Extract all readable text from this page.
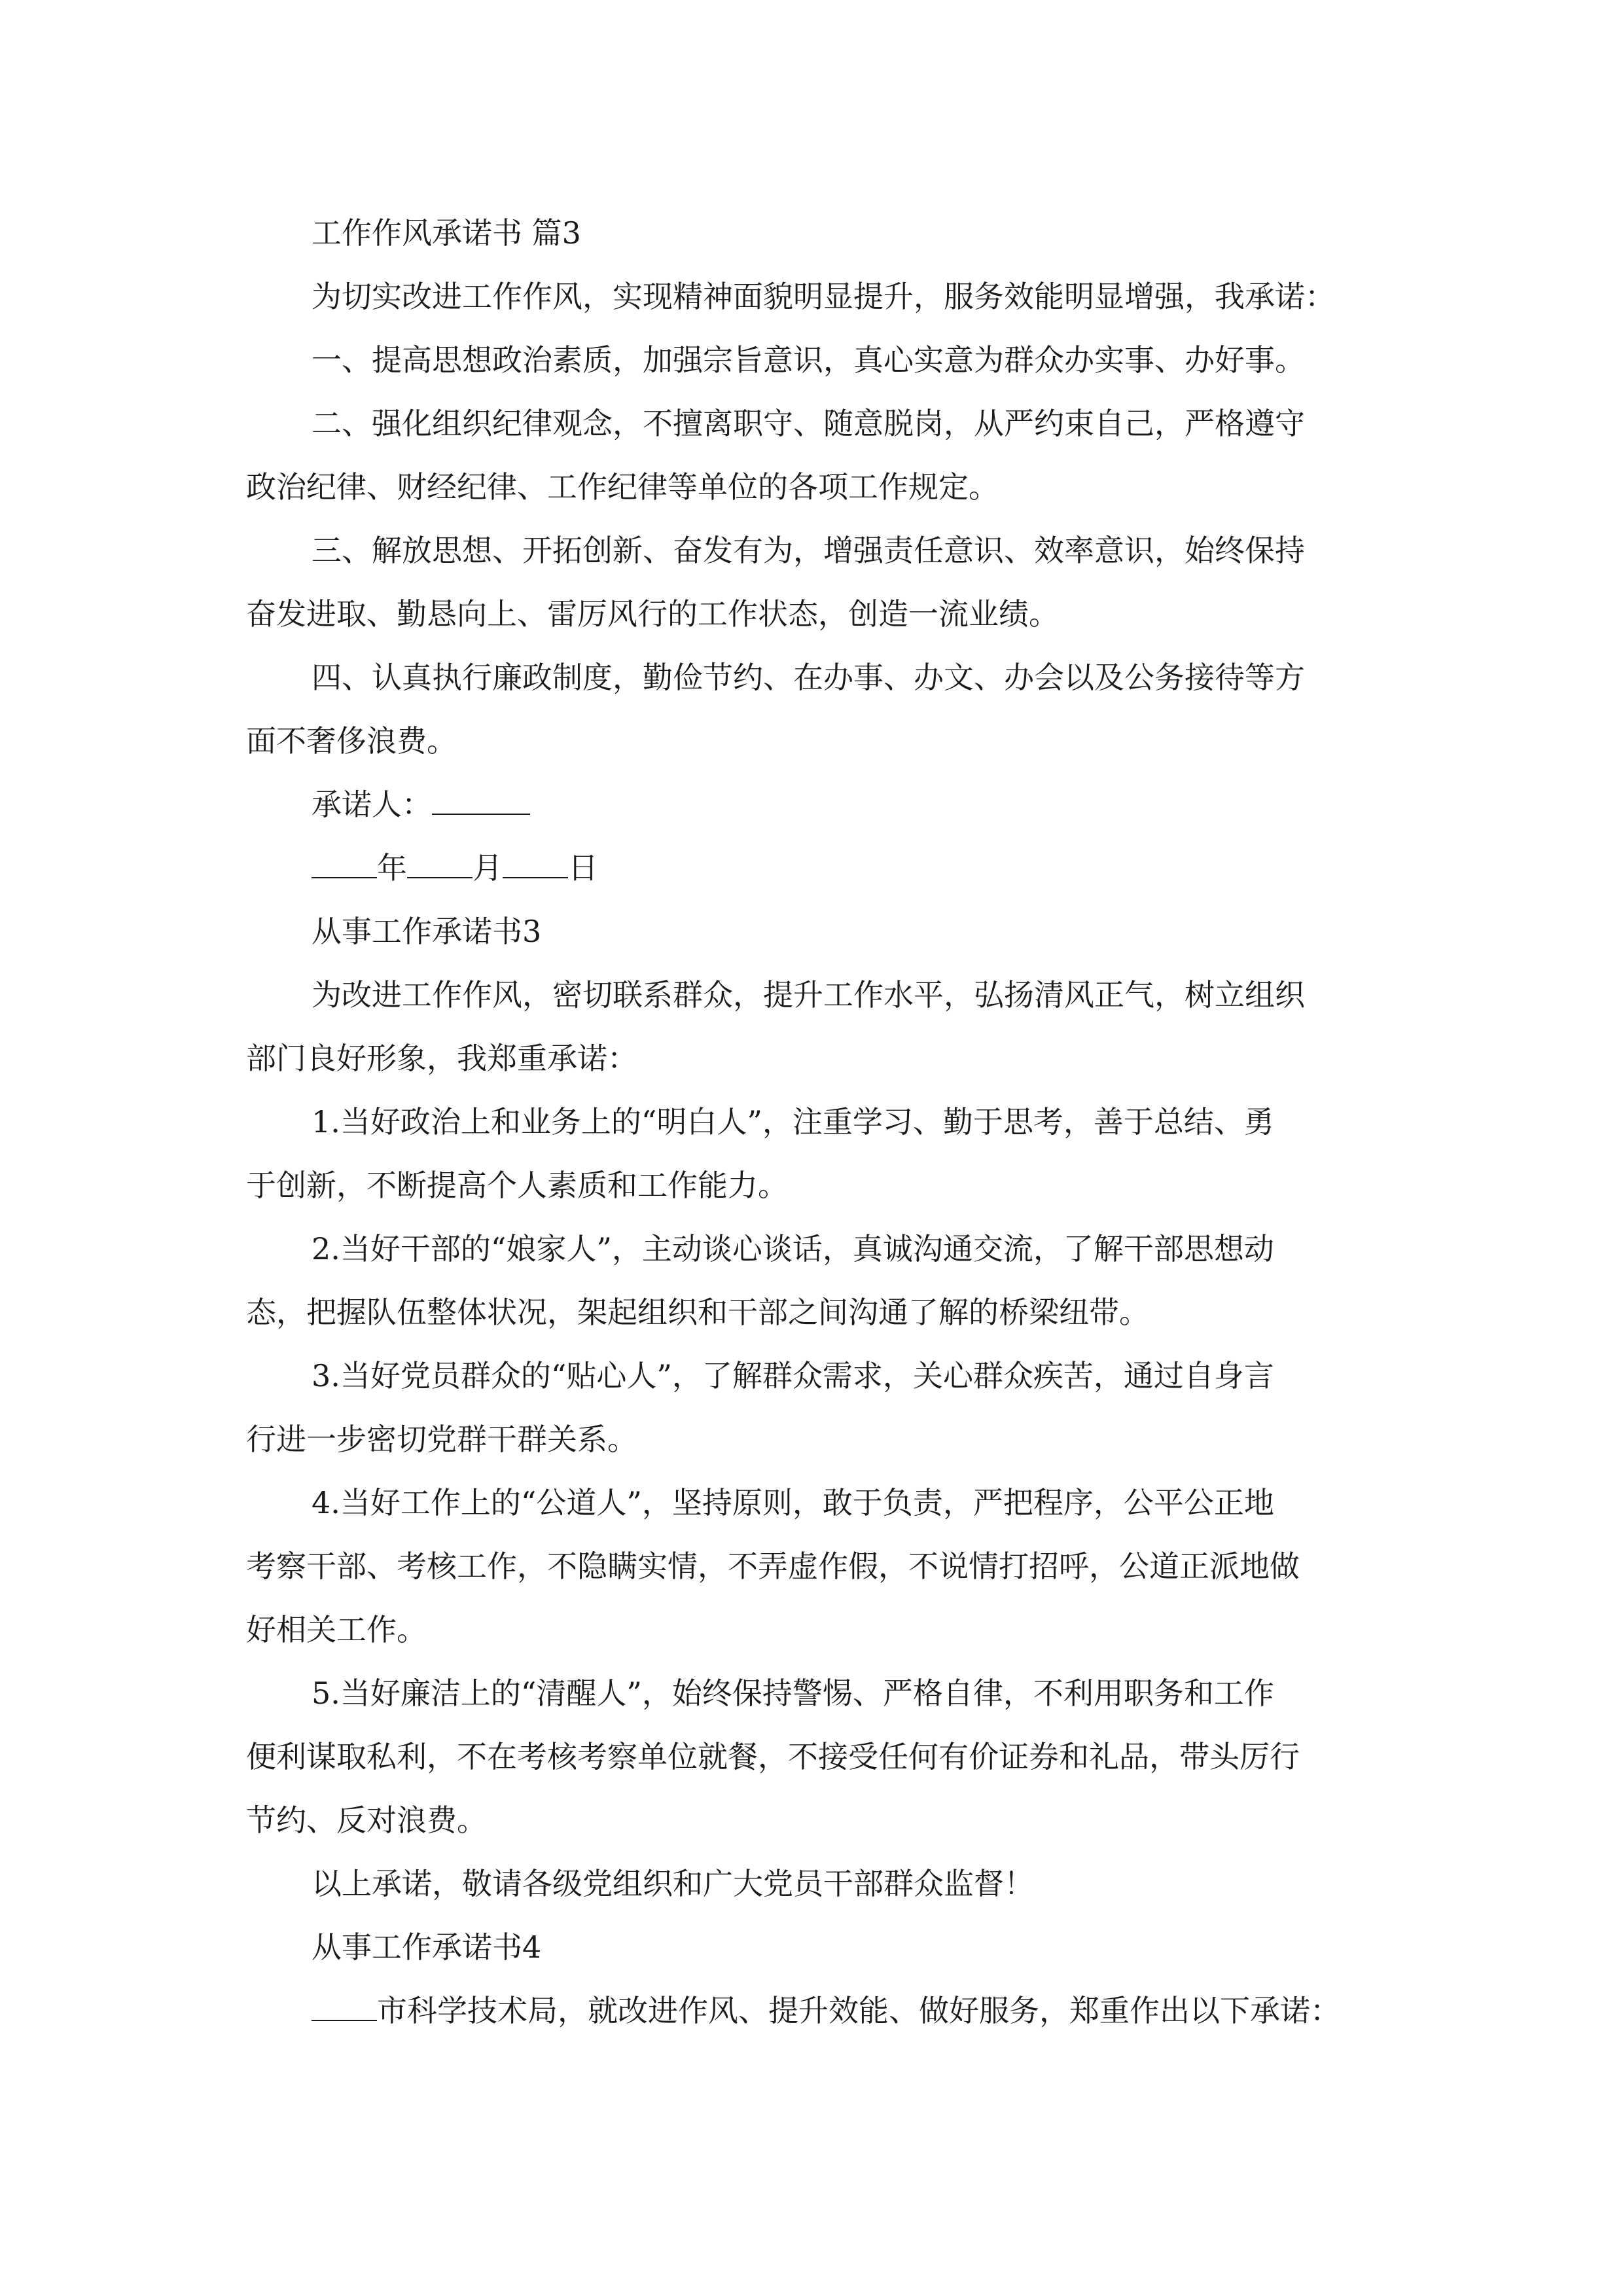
工作作风承诺书 篇3
为切实改进工作作风，实现精神面貌明显提升，服务效能明显增强，我承诺：
一、提高思想政治素质，加强宗旨意识，真心实意为群众办实事、办好事。
二、强化组织纪律观念，不擅离职守、随意脱岗，从严约束自己，严格遵守
政治纪律、财经纪律、工作纪律等单位的各项工作规定。
三、解放思想、开拓创新、奋发有为，增强责任意识、效率意识，始终保持
奋发进取、勤恳向上、雷厉风行的工作状态，创造一流业绩。
四、认真执行廉政制度，勤俭节约、在办事、办文、办会以及公务接待等方
面不奢侈浪费。
承诺人：
年 月 日
从事工作承诺书3
为改进工作作风，密切联系群众，提升工作水平，弘扬清风正气，树立组织
部门良好形象，我郑重承诺：
1.当好政治上和业务上的“明白人”，注重学习、勤于思考，善于总结、勇
于创新，不断提高个人素质和工作能力。
2.当好干部的“娘家人”，主动谈心谈话，真诚沟通交流，了解干部思想动
态，把握队伍整体状况，架起组织和干部之间沟通了解的桥梁纽带。
3.当好党员群众的“贴心人”，了解群众需求，关心群众疾苦，通过自身言
行进一步密切党群干群关系。
4.当好工作上的“公道人”，坚持原则，敢于负责，严把程序，公平公正地
考察干部、考核工作，不隐瞒实情，不弄虚作假，不说情打招呼，公道正派地做
好相关工作。
5.当好廉洁上的“清醒人”，始终保持警惕、严格自律，不利用职务和工作
便利谋取私利，不在考核考察单位就餐，不接受任何有价证券和礼品，带头厉行
节约、反对浪费。
以上承诺，敬请各级党组织和广大党员干部群众监督！
从事工作承诺书4
市科学技术局，就改进作风、提升效能、做好服务，郑重作出以下承诺：
